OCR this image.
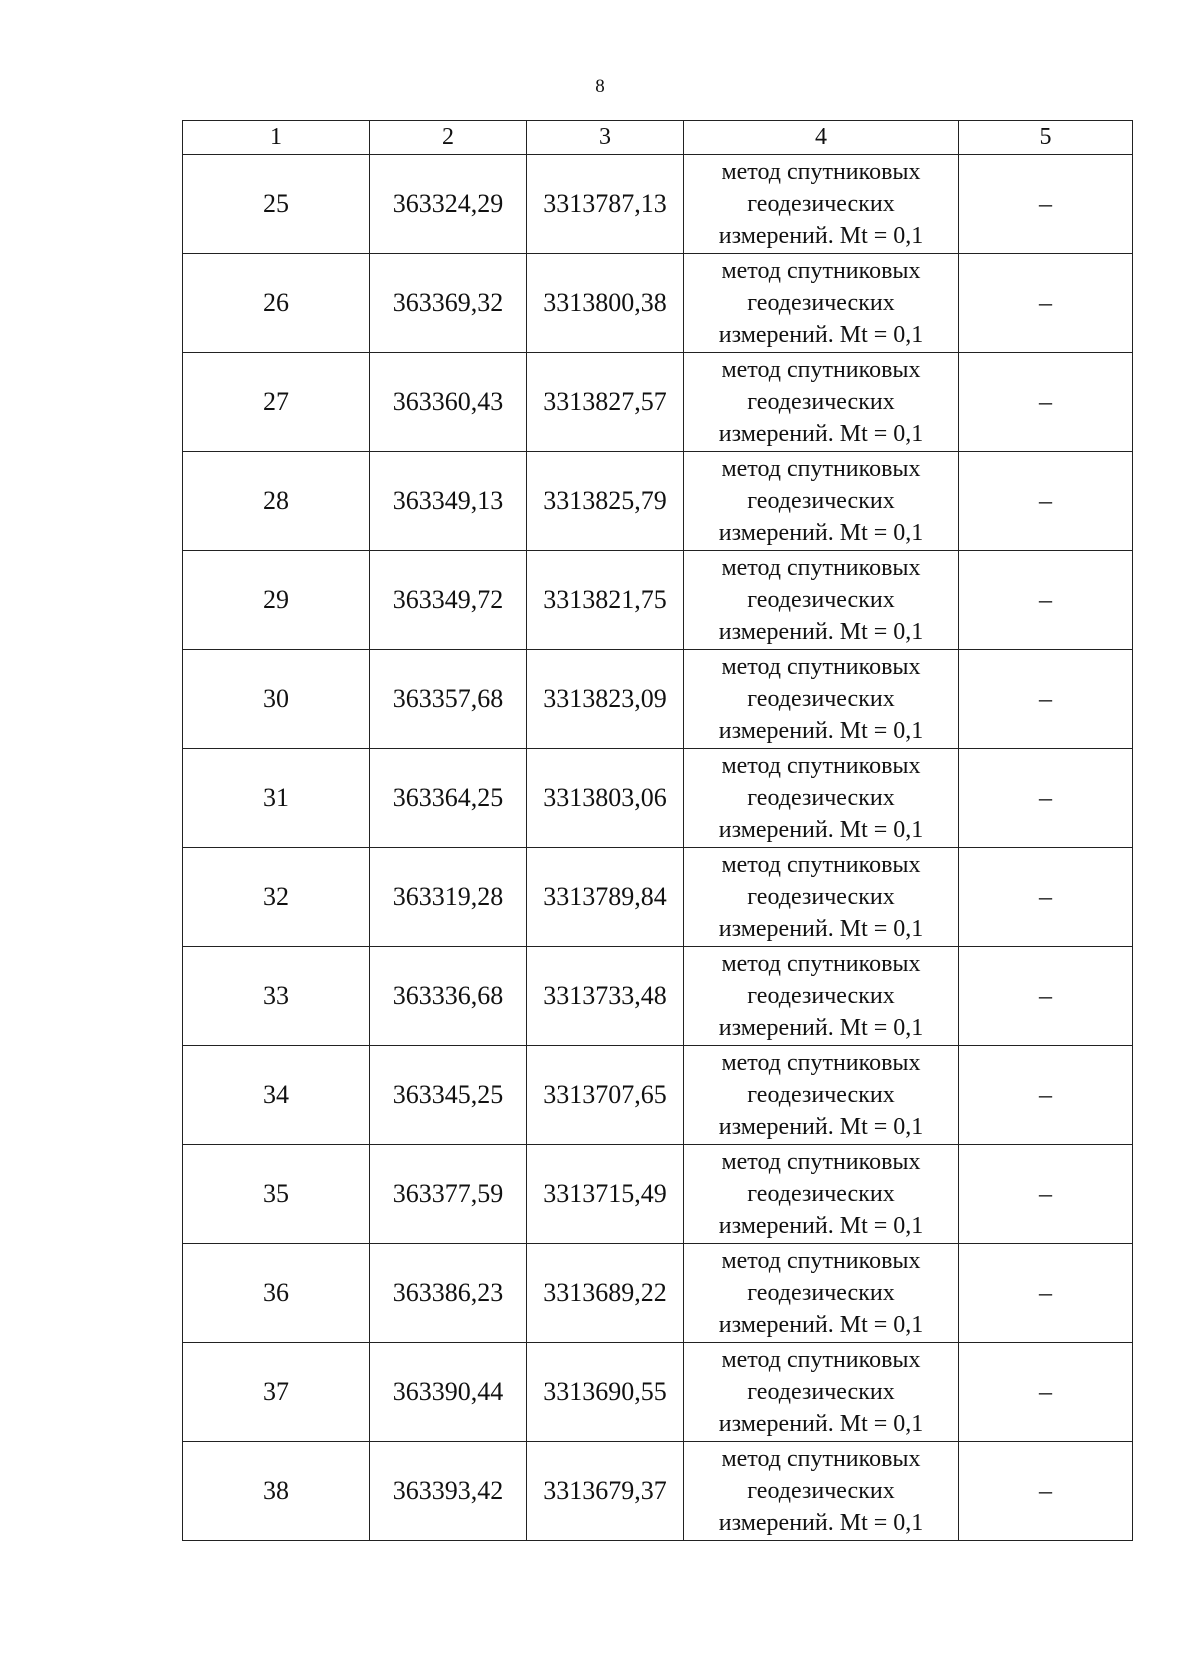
8
1	2	3	4	5
25	363324,29	3313787,13	метод спутниковых
геодезических
измерений. Mt = 0,1	–
26	363369,32	3313800,38	метод спутниковых
геодезических
измерений. Mt = 0,1	–
27	363360,43	3313827,57	метод спутниковых
геодезических
измерений. Mt = 0,1	–
28	363349,13	3313825,79	метод спутниковых
геодезических
измерений. Mt = 0,1	–
29	363349,72	3313821,75	метод спутниковых
геодезических
измерений. Mt = 0,1	–
30	363357,68	3313823,09	метод спутниковых
геодезических
измерений. Mt = 0,1	–
31	363364,25	3313803,06	метод спутниковых
геодезических
измерений. Mt = 0,1	–
32	363319,28	3313789,84	метод спутниковых
геодезических
измерений. Mt = 0,1	–
33	363336,68	3313733,48	метод спутниковых
геодезических
измерений. Mt = 0,1	–
34	363345,25	3313707,65	метод спутниковых
геодезических
измерений. Mt = 0,1	–
35	363377,59	3313715,49	метод спутниковых
геодезических
измерений. Mt = 0,1	–
36	363386,23	3313689,22	метод спутниковых
геодезических
измерений. Mt = 0,1	–
37	363390,44	3313690,55	метод спутниковых
геодезических
измерений. Mt = 0,1	–
38	363393,42	3313679,37	метод спутниковых
геодезических
измерений. Mt = 0,1	–
